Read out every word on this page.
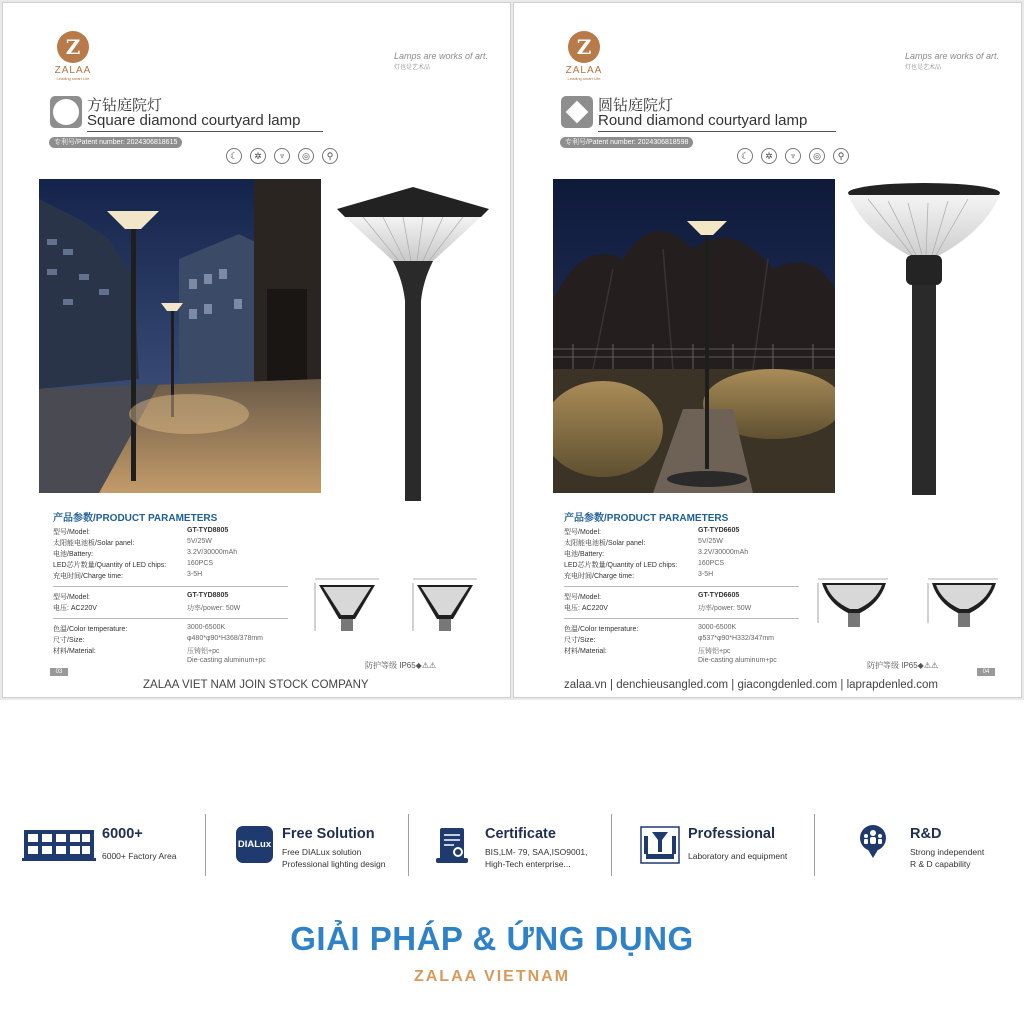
Z
ZALAA
Leading smart Life
Lamps are works of art.
灯也是艺术品
方钻庭院灯
Square diamond courtyard lamp
专利号/Patent number: 2024306818615
☾	✲	♆	◎	⚲
产品参数/PRODUCT PARAMETERS
型号/Model:	GT-TYD8805
太阳能电池板/Solar panel:	5V/25W
电池/Battery:	3.2V/30000mAh
LED芯片数量/Quantity of LED chips:	160PCS
充电时间/Charge time:	3-5H
型号/Model:	GT-TYD8805
电压: AC220V	功率/power: 50W
色温/Color temperature:	3000-6500K
尺寸/Size:	φ480*φ90*H368/378mm
材料/Material:	压铸铝+pc
Die-casting aluminum+pc
防护等级 IP65◆⚠⚠
03
ZALAA VIET NAM JOIN STOCK COMPANY
Z
ZALAA
Leading smart Life
Lamps are works of art.
灯也是艺术品
圆钻庭院灯
Round diamond courtyard lamp
专利号/Patent number: 2024306818598
☾	✲	♆	◎	⚲
产品参数/PRODUCT PARAMETERS
型号/Model:	GT-TYD6605
太阳能电池板/Solar panel:	5V/25W
电池/Battery:	3.2V/30000mAh
LED芯片数量/Quantity of LED chips:	160PCS
充电时间/Charge time:	3-5H
型号/Model:	GT-TYD6605
电压: AC220V	功率/power: 50W
色温/Color temperature:	3000-6500K
尺寸/Size:	φ537*φ90*H332/347mm
材料/Material:	压铸铝+pc
Die-casting aluminum+pc
防护等级 IP65◆⚠⚠
04
zalaa.vn | denchieusangled.com | giacongdenled.com | laprapdenled.com
6000+
6000+ Factory Area
DIALux
Free Solution
Free DIALux solution
Professional lighting design
Certificate
BIS,LM- 79, SAA,ISO9001,
High-Tech enterprise...
Professional
Laboratory and equipment
R&D
Strong independent
R & D capability
GIẢI PHÁP & ỨNG DỤNG
ZALAA VIETNAM
